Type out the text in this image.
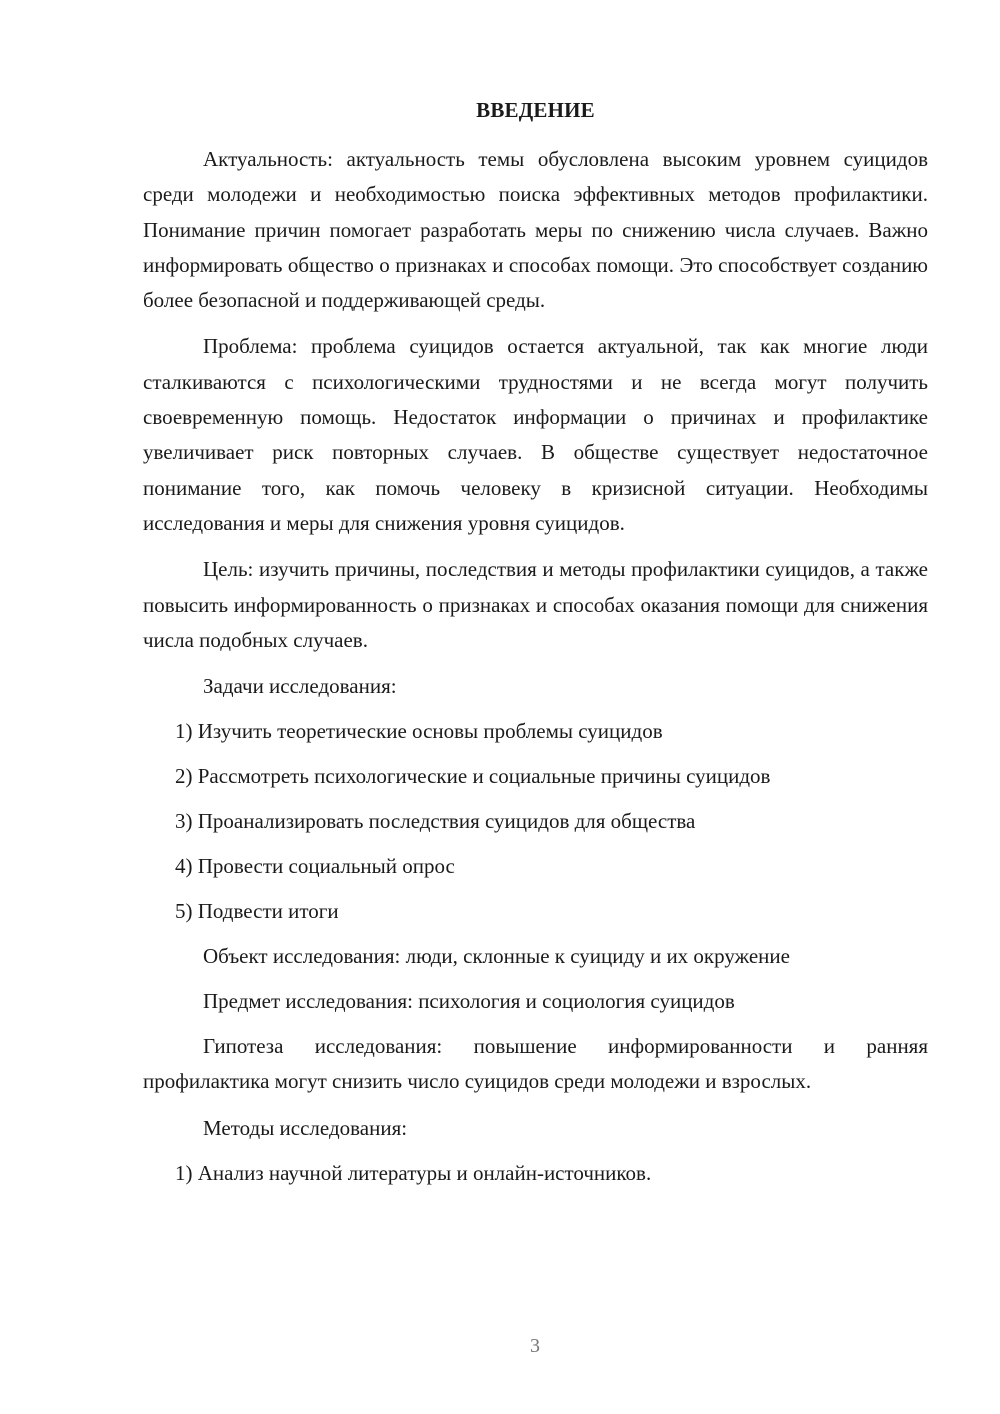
ВВЕДЕНИЕ

Актуальность: актуальность темы обусловлена высоким уровнем суицидов среди молодежи и необходимостью поиска эффективных методов профилактики. Понимание причин помогает разработать меры по снижению числа случаев. Важно информировать общество о признаках и способах помощи. Это способствует созданию более безопасной и поддерживающей среды.

Проблема: проблема суицидов остается актуальной, так как многие люди сталкиваются с психологическими трудностями и не всегда могут получить своевременную помощь. Недостаток информации о причинах и профилактике увеличивает риск повторных случаев. В обществе существует недостаточное понимание того, как помочь человеку в кризисной ситуации. Необходимы исследования и меры для снижения уровня суицидов.

Цель: изучить причины, последствия и методы профилактики суицидов, а также повысить информированность о признаках и способах оказания помощи для снижения числа подобных случаев.

Задачи исследования:
1) Изучить теоретические основы проблемы суицидов
2) Рассмотреть психологические и социальные причины суицидов
3) Проанализировать последствия суицидов для общества
4) Провести социальный опрос
5) Подвести итоги
Объект исследования: люди, склонные к суициду и их окружение
Предмет исследования: психология и социология суицидов

Гипотеза исследования: повышение информированности и ранняя профилактика могут снизить число суицидов среди молодежи и взрослых.

Методы исследования:
1) Анализ научной литературы и онлайн-источников.
3
